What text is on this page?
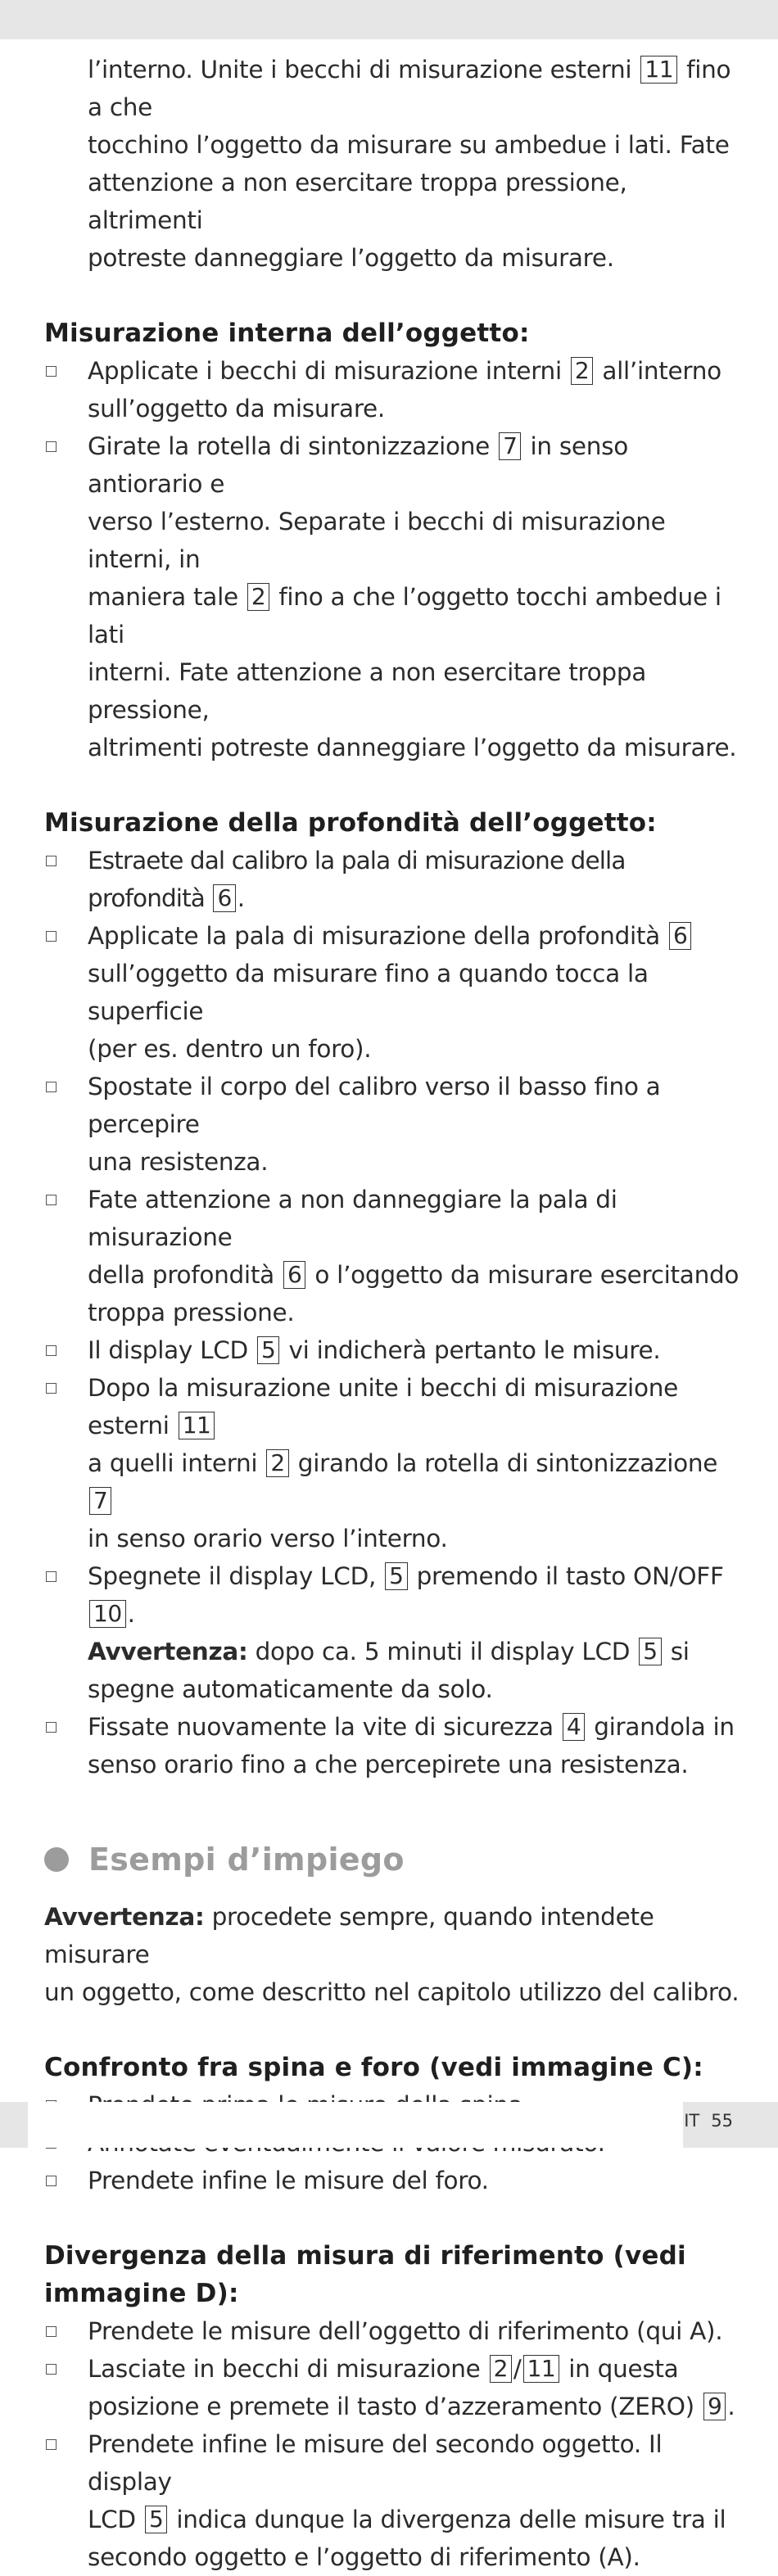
l’interno. Unite i becchi di misurazione esterni 11 fino a che
tocchino l’oggetto da misurare su ambedue i lati. Fate
attenzione a non esercitare troppa pressione, altrimenti
potreste danneggiare l’oggetto da misurare.
Misurazione interna dell’oggetto:
Applicate i becchi di misurazione interni 2 all’interno
sull’oggetto da misurare.
Girate la rotella di sintonizzazione 7 in senso antiorario e
verso l’esterno. Separate i becchi di misurazione interni, in
maniera tale 2 fino a che l’oggetto tocchi ambedue i lati
interni. Fate attenzione a non esercitare troppa pressione,
altrimenti potreste danneggiare l’oggetto da misurare.
Misurazione della profondità dell’oggetto:
Estraete dal calibro la pala di misurazione della profondità 6 .
Applicate la pala di misurazione della profondità 6
sull’oggetto da misurare fino a quando tocca la superficie
(per es. dentro un foro).
Spostate il corpo del calibro verso il basso fino a percepire
una resistenza.
Fate attenzione a non danneggiare la pala di misurazione
della profondità 6 o l’oggetto da misurare esercitando
troppa pressione.
Il display LCD 5 vi indicherà pertanto le misure.
Dopo la misurazione unite i becchi di misurazione esterni 11
a quelli interni 2 girando la rotella di sintonizzazione 7
in senso orario verso l’interno.
Spegnete il display LCD, 5 premendo il tasto ON/OFF 10 .
Avvertenza: dopo ca. 5 minuti il display LCD 5 si
spegne automaticamente da solo.
Fissate nuovamente la vite di sicurezza 4 girandola in
senso orario fino a che percepirete una resistenza.
Esempi d’impiego
Avvertenza: procedete sempre, quando intendete misurare
un oggetto, come descritto nel capitolo utilizzo del calibro.
Confronto fra spina e foro (vedi immagine C):
Prendete infine le misure del foro.
Divergenza della misura di riferimento (vedi
immagine D):
Prendete le misure dell’oggetto di riferimento (qui A).
Lasciate in becchi di misurazione 2 / 11 in questa
posizione e premete il tasto d’azzeramento (ZERO) 9 .
Prendete infine le misure del secondo oggetto. Il display
LCD 5 indica dunque la divergenza delle misure tra il
secondo oggetto e l’oggetto di riferimento (A).
IT 55
